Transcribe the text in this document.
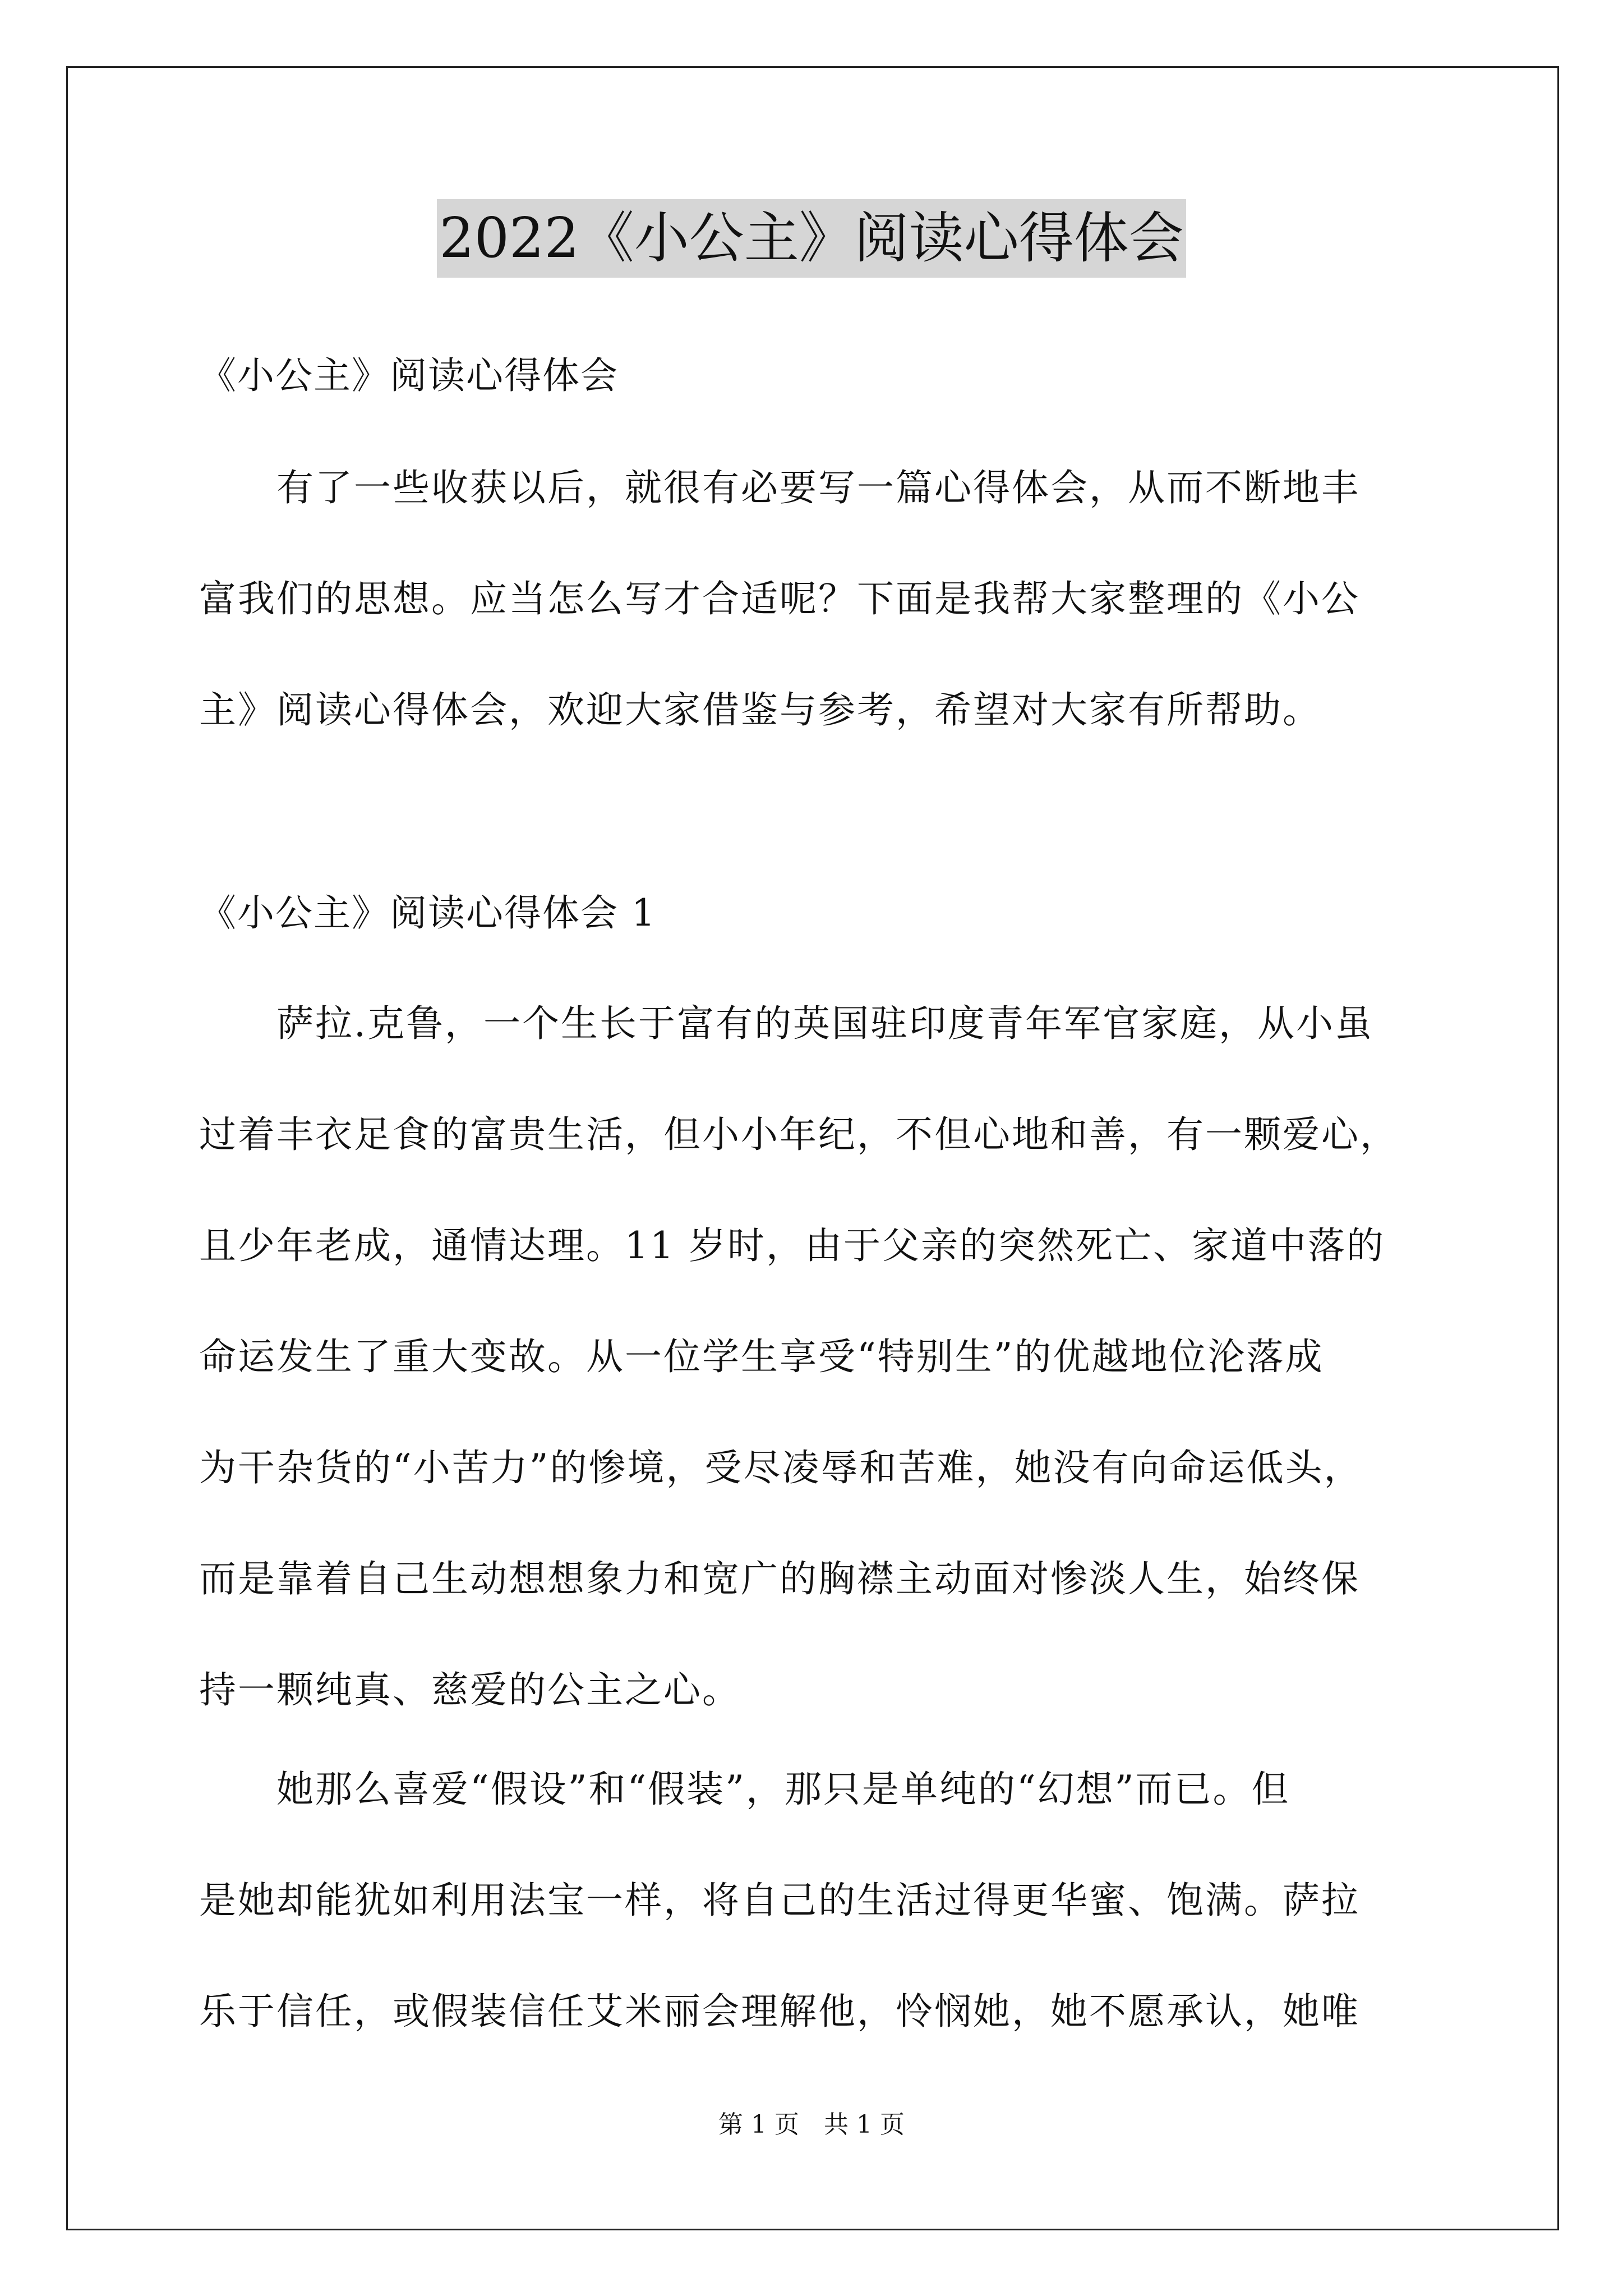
2022《小公主》阅读心得体会
《小公主》阅读心得体会
　　有了一些收获以后，就很有必要写一篇心得体会，从而不断地丰
富我们的思想。应当怎么写才合适呢？下面是我帮大家整理的《小公
主》阅读心得体会，欢迎大家借鉴与参考，希望对大家有所帮助。
《小公主》阅读心得体会 1
　　萨拉.克鲁，一个生长于富有的英国驻印度青年军官家庭，从小虽
过着丰衣足食的富贵生活，但小小年纪，不但心地和善，有一颗爱心，
且少年老成，通情达理。11 岁时，由于父亲的突然死亡、家道中落的
命运发生了重大变故。从一位学生享受“特别生”的优越地位沦落成
为干杂货的“小苦力”的惨境，受尽凌辱和苦难，她没有向命运低头，
而是靠着自己生动想想象力和宽广的胸襟主动面对惨淡人生，始终保
持一颗纯真、慈爱的公主之心。
　　她那么喜爱“假设”和“假装”，那只是单纯的“幻想”而已。但
是她却能犹如利用法宝一样，将自己的生活过得更华蜜、饱满。萨拉
乐于信任，或假装信任艾米丽会理解他，怜悯她，她不愿承认，她唯
第 1 页　共 1 页
